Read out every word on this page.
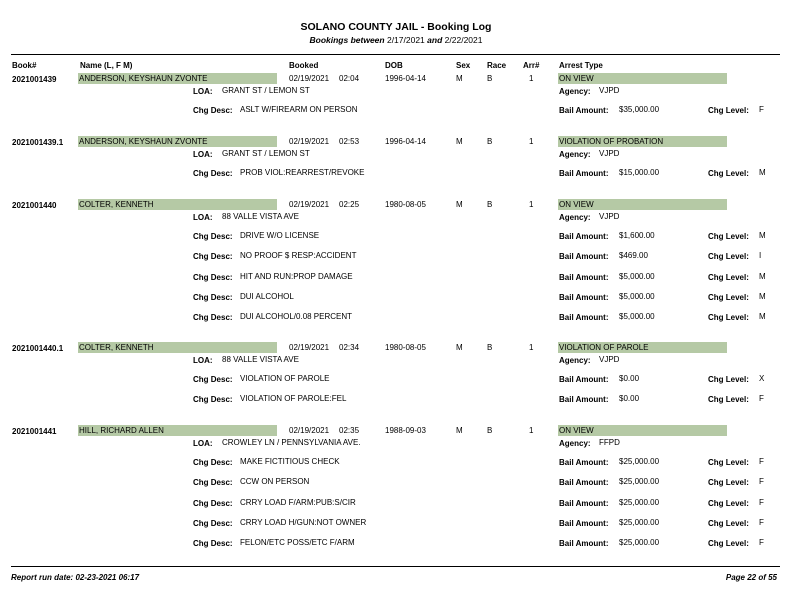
SOLANO COUNTY JAIL - Booking Log
Bookings between 2/17/2021 and 2/22/2021
Book#	Name (L, F M)	Booked	DOB	Sex Race Arr# Arrest Type
2021001439	ANDERSON, KEYSHAUN ZVONTE	02/19/2021 02:04	1996-04-14	M	B	1	ON VIEW
LOA: GRANT ST / LEMON ST	Agency: VJPD
Chg Desc: ASLT W/FIREARM ON PERSON	Bail Amount: $35,000.00	Chg Level: F
2021001439.1 ANDERSON, KEYSHAUN ZVONTE	02/19/2021 02:53	1996-04-14	M	B	1	VIOLATION OF PROBATION
LOA: GRANT ST / LEMON ST	Agency: VJPD
Chg Desc: PROB VIOL:REARREST/REVOKE	Bail Amount: $15,000.00	Chg Level: M
2021001440	COLTER, KENNETH	02/19/2021 02:25	1980-08-05	M	B	1	ON VIEW
LOA: 88 VALLE VISTA AVE	Agency: VJPD
Chg Desc: DRIVE W/O LICENSE	Bail Amount: $1,600.00	Chg Level: M
Chg Desc: NO PROOF $ RESP:ACCIDENT	Bail Amount: $469.00	Chg Level: I
Chg Desc: HIT AND RUN:PROP DAMAGE	Bail Amount: $5,000.00	Chg Level: M
Chg Desc: DUI ALCOHOL	Bail Amount: $5,000.00	Chg Level: M
Chg Desc: DUI ALCOHOL/0.08 PERCENT	Bail Amount: $5,000.00	Chg Level: M
2021001440.1 COLTER, KENNETH	02/19/2021 02:34	1980-08-05	M	B	1	VIOLATION OF PAROLE
LOA: 88 VALLE VISTA AVE	Agency: VJPD
Chg Desc: VIOLATION OF PAROLE	Bail Amount: $0.00	Chg Level: X
Chg Desc: VIOLATION OF PAROLE:FEL	Bail Amount: $0.00	Chg Level: F
2021001441	HILL, RICHARD ALLEN	02/19/2021 02:35	1988-09-03	M	B	1	ON VIEW
LOA: CROWLEY LN / PENNSYLVANIA AVE.	Agency: FFPD
Chg Desc: MAKE FICTITIOUS CHECK	Bail Amount: $25,000.00	Chg Level: F
Chg Desc: CCW ON PERSON	Bail Amount: $25,000.00	Chg Level: F
Chg Desc: CRRY LOAD F/ARM:PUB:S/CIR	Bail Amount: $25,000.00	Chg Level: F
Chg Desc: CRRY LOAD H/GUN:NOT OWNER	Bail Amount: $25,000.00	Chg Level: F
Chg Desc: FELON/ETC POSS/ETC F/ARM	Bail Amount: $25,000.00	Chg Level: F
Report run date: 02-23-2021 06:17	Page 22 of 55
